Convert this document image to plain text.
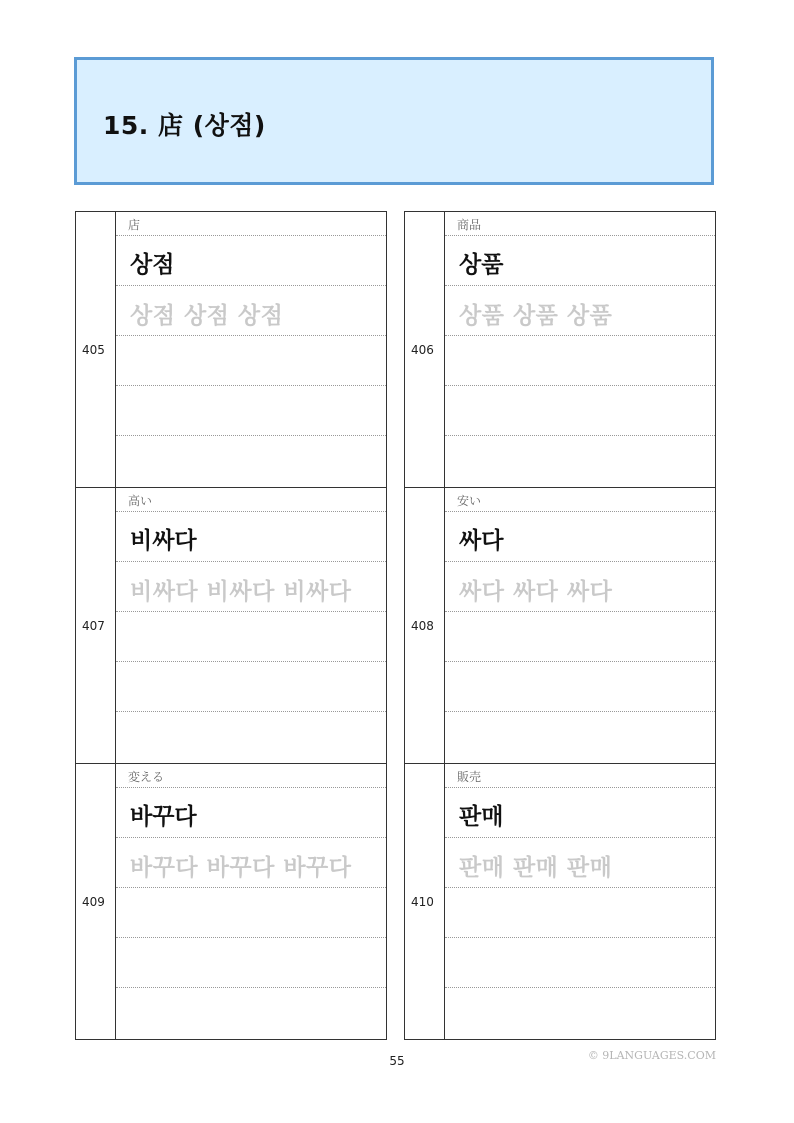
15. 店 (상점)
405
店
상점
상점 상점 상점
406
商品
상품
상품 상품 상품
407
高い
비싸다
비싸다 비싸다 비싸다
408
安い
싸다
싸다 싸다 싸다
409
変える
바꾸다
바꾸다 바꾸다 바꾸다
410
販売
판매
판매 판매 판매
55	© 9LANGUAGES.COM
